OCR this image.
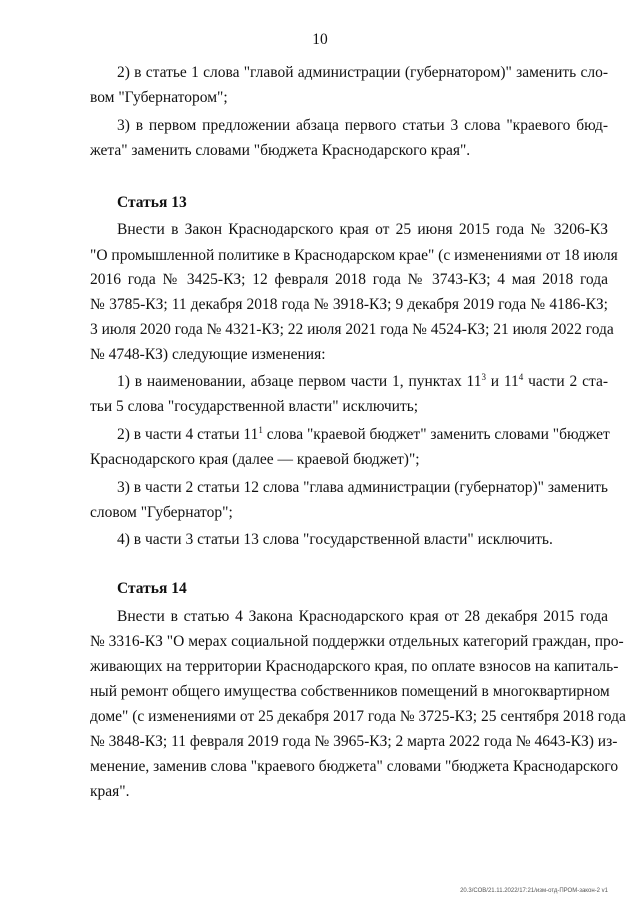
10
2) в статье 1 слова "главой администрации (губернатором)" заменить сло-
вом "Губернатором";
3) в первом предложении абзаца первого статьи 3 слова "краевого бюд-
жета" заменить словами "бюджета Краснодарского края".
Статья 13
Внести в Закон Краснодарского края от 25 июня 2015 года № 3206-КЗ
"О промышленной политике в Краснодарском крае" (с изменениями от 18 июля
2016 года № 3425-КЗ; 12 февраля 2018 года № 3743-КЗ; 4 мая 2018 года
№ 3785-КЗ; 11 декабря 2018 года № 3918-КЗ; 9 декабря 2019 года № 4186-КЗ;
3 июля 2020 года № 4321-КЗ; 22 июля 2021 года № 4524-КЗ; 21 июля 2022 года
№ 4748-КЗ) следующие изменения:
1) в наименовании, абзаце первом части 1, пунктах $11^3$ и $11^4$ части 2 ста-
тьи 5 слова "государственной власти" исключить;
2) в части 4 статьи $11^1$ слова "краевой бюджет" заменить словами "бюджет
Краснодарского края (далее — краевой бюджет)";
3) в части 2 статьи 12 слова "глава администрации (губернатор)" заменить
словом "Губернатор";
4) в части 3 статьи 13 слова "государственной власти" исключить.
Статья 14
Внести в статью 4 Закона Краснодарского края от 28 декабря 2015 года
№ 3316-КЗ "О мерах социальной поддержки отдельных категорий граждан, про-
живающих на территории Краснодарского края, по оплате взносов на капиталь-
ный ремонт общего имущества собственников помещений в многоквартирном
доме" (с изменениями от 25 декабря 2017 года № 3725-КЗ; 25 сентября 2018 года
№ 3848-КЗ; 11 февраля 2019 года № 3965-КЗ; 2 марта 2022 года № 4643-КЗ) из-
менение, заменив слова "краевого бюджета" словами "бюджета Краснодарского
края".
20.3/СОВ/21.11.2022/17:21/изм-отд-ПРОМ-закон-2 v1
